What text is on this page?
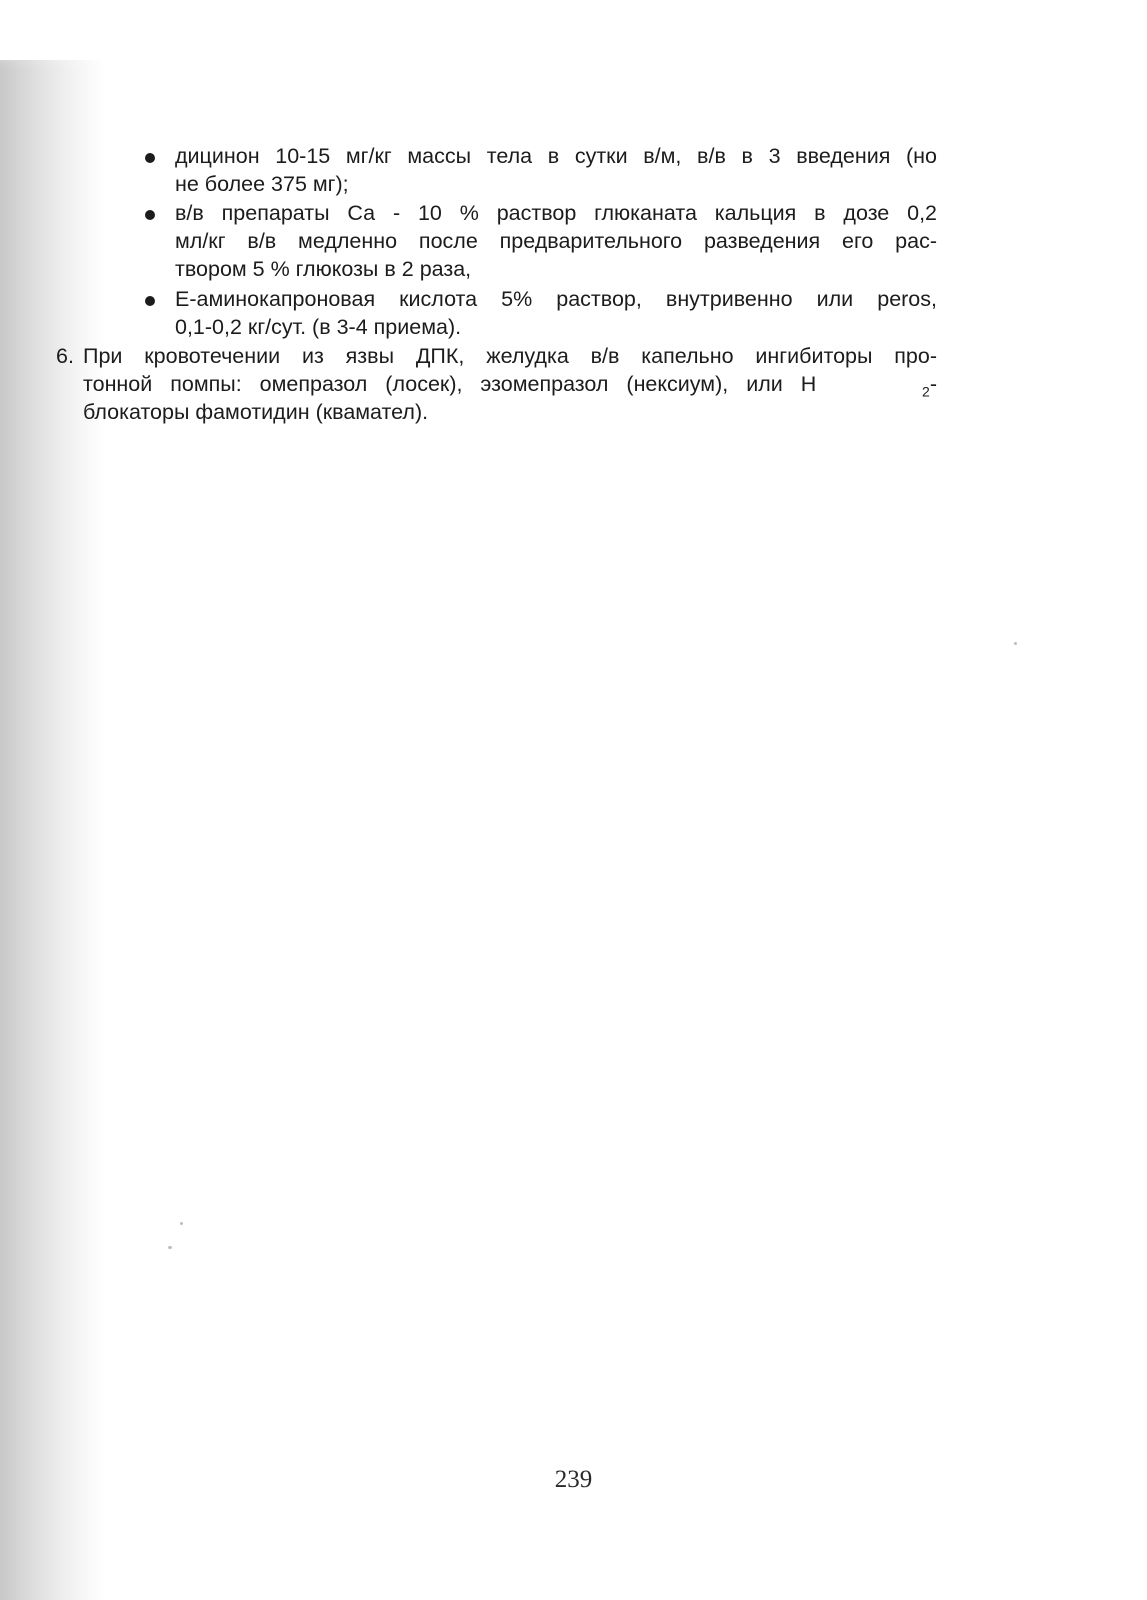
дицинон 10-15 мг/кг массы тела в сутки в/м, в/в в 3 введения (но
не более 375 мг);
в/в препараты Са - 10 % раствор глюканата кальция в дозе 0,2
мл/кг в/в медленно после предварительного разведения его рас-
твором 5 % глюкозы в 2 раза,
Е-аминокапроновая кислота 5% раствор, внутривенно или peros,
0,1-0,2 кг/сут. (в 3-4 приема).
6. При кровотечении из язвы ДПК, желудка в/в капельно ингибиторы про-
тонной помпы: омепразол (лосек), эзомепразол (нексиум), или Н	$_2$-
блокаторы фамотидин (квамател).
239
